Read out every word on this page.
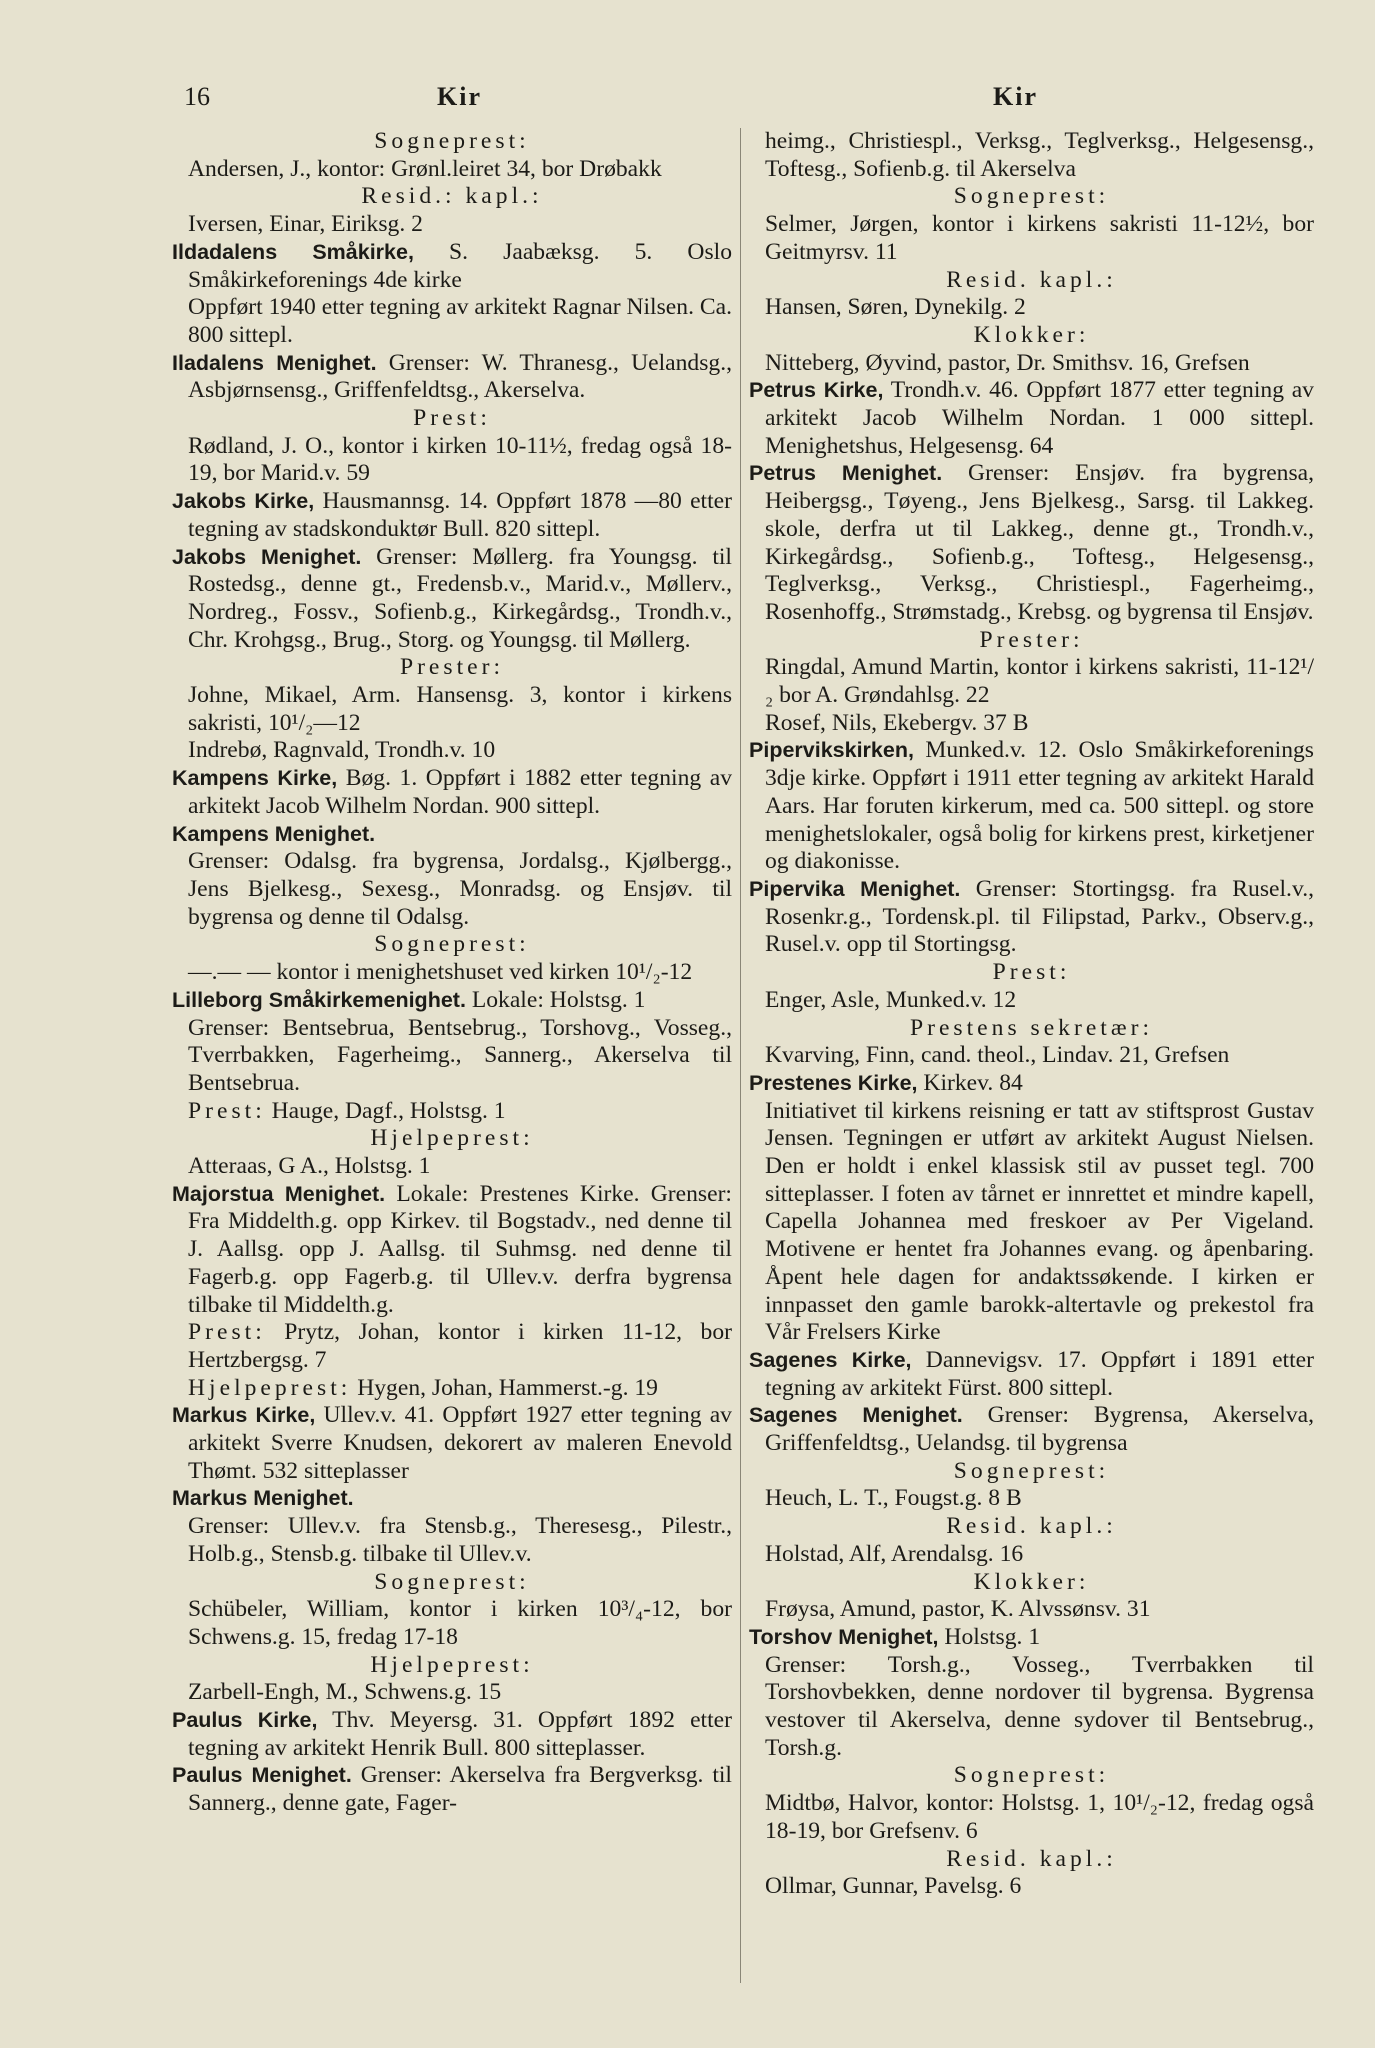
16	Kir	Kir

Sogneprest:

Andersen, J., kontor: Grønl.leiret 34, bor Drøbakk

Resid.: kapl.:

Iversen, Einar, Eiriksg. 2

Ildadalens Småkirke, S. Jaabæksg. 5. Oslo Småkirkeforenings 4de kirke

Oppført 1940 etter tegning av arkitekt Ragnar Nilsen. Ca. 800 sittepl.

Iladalens Menighet. Grenser: W. Thranesg., Uelandsg., Asbjørnsensg., Griffenfeldtsg., Akerselva.

Prest:

Rødland, J. O., kontor i kirken 10-11½, fredag også 18-19, bor Marid.v. 59

Jakobs Kirke, Hausmannsg. 14. Oppført 1878 —80 etter tegning av stadskonduktør Bull. 820 sittepl.

Jakobs Menighet. Grenser: Møllerg. fra Youngsg. til Rostedsg., denne gt., Fredensb.v., Marid.v., Møllerv., Nordreg., Fossv., Sofienb.g., Kirkegårdsg., Trondh.v., Chr. Krohgsg., Brug., Storg. og Youngsg. til Møllerg.

Prester:

Johne, Mikael, Arm. Hansensg. 3, kontor i kirkens sakristi, 10¹/₂—12

Indrebø, Ragnvald, Trondh.v. 10

Kampens Kirke, Bøg. 1. Oppført i 1882 etter tegning av arkitekt Jacob Wilhelm Nordan. 900 sittepl.

Kampens Menighet.

Grenser: Odalsg. fra bygrensa, Jordalsg., Kjølbergg., Jens Bjelkesg., Sexesg., Monradsg. og Ensjøv. til bygrensa og denne til Odalsg.

Sogneprest:

—.— — kontor i menighetshuset ved kirken 10¹/₂-12

Lilleborg Småkirkemenighet. Lokale: Holstsg. 1

Grenser: Bentsebrua, Bentsebrug., Torshovg., Vosseg., Tverrbakken, Fagerheimg., Sannerg., Akerselva til Bentsebrua.

Prest: Hauge, Dagf., Holstsg. 1

Hjelpeprest:

Atteraas, G A., Holstsg. 1

Majorstua Menighet. Lokale: Prestenes Kirke. Grenser: Fra Middelth.g. opp Kirkev. til Bogstadv., ned denne til J. Aallsg. opp J. Aallsg. til Suhmsg. ned denne til Fagerb.g. opp Fagerb.g. til Ullev.v. derfra bygrensa tilbake til Middelth.g.

Prest: Prytz, Johan, kontor i kirken 11-12, bor Hertzbergsg. 7

Hjelpeprest: Hygen, Johan, Hammerst.-g. 19

Markus Kirke, Ullev.v. 41. Oppført 1927 etter tegning av arkitekt Sverre Knudsen, dekorert av maleren Enevold Thømt. 532 sitteplasser

Markus Menighet.

Grenser: Ullev.v. fra Stensb.g., Theresesg., Pilestr., Holb.g., Stensb.g. tilbake til Ullev.v.

Sogneprest:

Schübeler, William, kontor i kirken 10³/₄-12, bor Schwens.g. 15, fredag 17-18

Hjelpeprest:

Zarbell-Engh, M., Schwens.g. 15

Paulus Kirke, Thv. Meyersg. 31. Oppført 1892 etter tegning av arkitekt Henrik Bull. 800 sitteplasser.

Paulus Menighet. Grenser: Akerselva fra Bergverksg. til Sannerg., denne gate, Fager-

heimg., Christiespl., Verksg., Teglverksg., Helgesensg., Toftesg., Sofienb.g. til Akerselva

Sogneprest:

Selmer, Jørgen, kontor i kirkens sakristi 11-12½, bor Geitmyrsv. 11

Resid. kapl.:

Hansen, Søren, Dynekilg. 2

Klokker:

Nitteberg, Øyvind, pastor, Dr. Smithsv. 16, Grefsen

Petrus Kirke, Trondh.v. 46. Oppført 1877 etter tegning av arkitekt Jacob Wilhelm Nordan. 1 000 sittepl. Menighetshus, Helgesensg. 64

Petrus Menighet. Grenser: Ensjøv. fra bygrensa, Heibergsg., Tøyeng., Jens Bjelkesg., Sarsg. til Lakkeg. skole, derfra ut til Lakkeg., denne gt., Trondh.v., Kirkegårdsg., Sofienb.g., Toftesg., Helgesensg., Teglverksg., Verksg., Christiespl., Fagerheimg., Rosenhoffg., Strømstadg., Krebsg. og bygrensa til Ensjøv.

Prester:

Ringdal, Amund Martin, kontor i kirkens sakristi, 11-12¹/₂ bor A. Grøndahlsg. 22

Rosef, Nils, Ekebergv. 37 B

Pipervikskirken, Munked.v. 12. Oslo Småkirkeforenings 3dje kirke. Oppført i 1911 etter tegning av arkitekt Harald Aars. Har foruten kirkerum, med ca. 500 sittepl. og store menighetslokaler, også bolig for kirkens prest, kirketjener og diakonisse.

Pipervika Menighet. Grenser: Stortingsg. fra Rusel.v., Rosenkr.g., Tordensk.pl. til Filipstad, Parkv., Observ.g., Rusel.v. opp til Stortingsg.

Prest:

Enger, Asle, Munked.v. 12

Prestens sekretær:

Kvarving, Finn, cand. theol., Lindav. 21, Grefsen

Prestenes Kirke, Kirkev. 84

Initiativet til kirkens reisning er tatt av stiftsprost Gustav Jensen. Tegningen er utført av arkitekt August Nielsen. Den er holdt i enkel klassisk stil av pusset tegl. 700 sitteplasser. I foten av tårnet er innrettet et mindre kapell, Capella Johannea med freskoer av Per Vigeland. Motivene er hentet fra Johannes evang. og åpenbaring. Åpent hele dagen for andaktssøkende. I kirken er innpasset den gamle barokk-altertavle og prekestol fra Vår Frelsers Kirke

Sagenes Kirke, Dannevigsv. 17. Oppført i 1891 etter tegning av arkitekt Fürst. 800 sittepl.

Sagenes Menighet. Grenser: Bygrensa, Akerselva, Griffenfeldtsg., Uelandsg. til bygrensa

Sogneprest:

Heuch, L. T., Fougst.g. 8 B

Resid. kapl.:

Holstad, Alf, Arendalsg. 16

Klokker:

Frøysa, Amund, pastor, K. Alvssønsv. 31

Torshov Menighet, Holstsg. 1

Grenser: Torsh.g., Vosseg., Tverrbakken til Torshovbekken, denne nordover til bygrensa. Bygrensa vestover til Akerselva, denne sydover til Bentsebrug., Torsh.g.

Sogneprest:

Midtbø, Halvor, kontor: Holstsg. 1, 10¹/₂-12, fredag også 18-19, bor Grefsenv. 6

Resid. kapl.:

Ollmar, Gunnar, Pavelsg. 6
